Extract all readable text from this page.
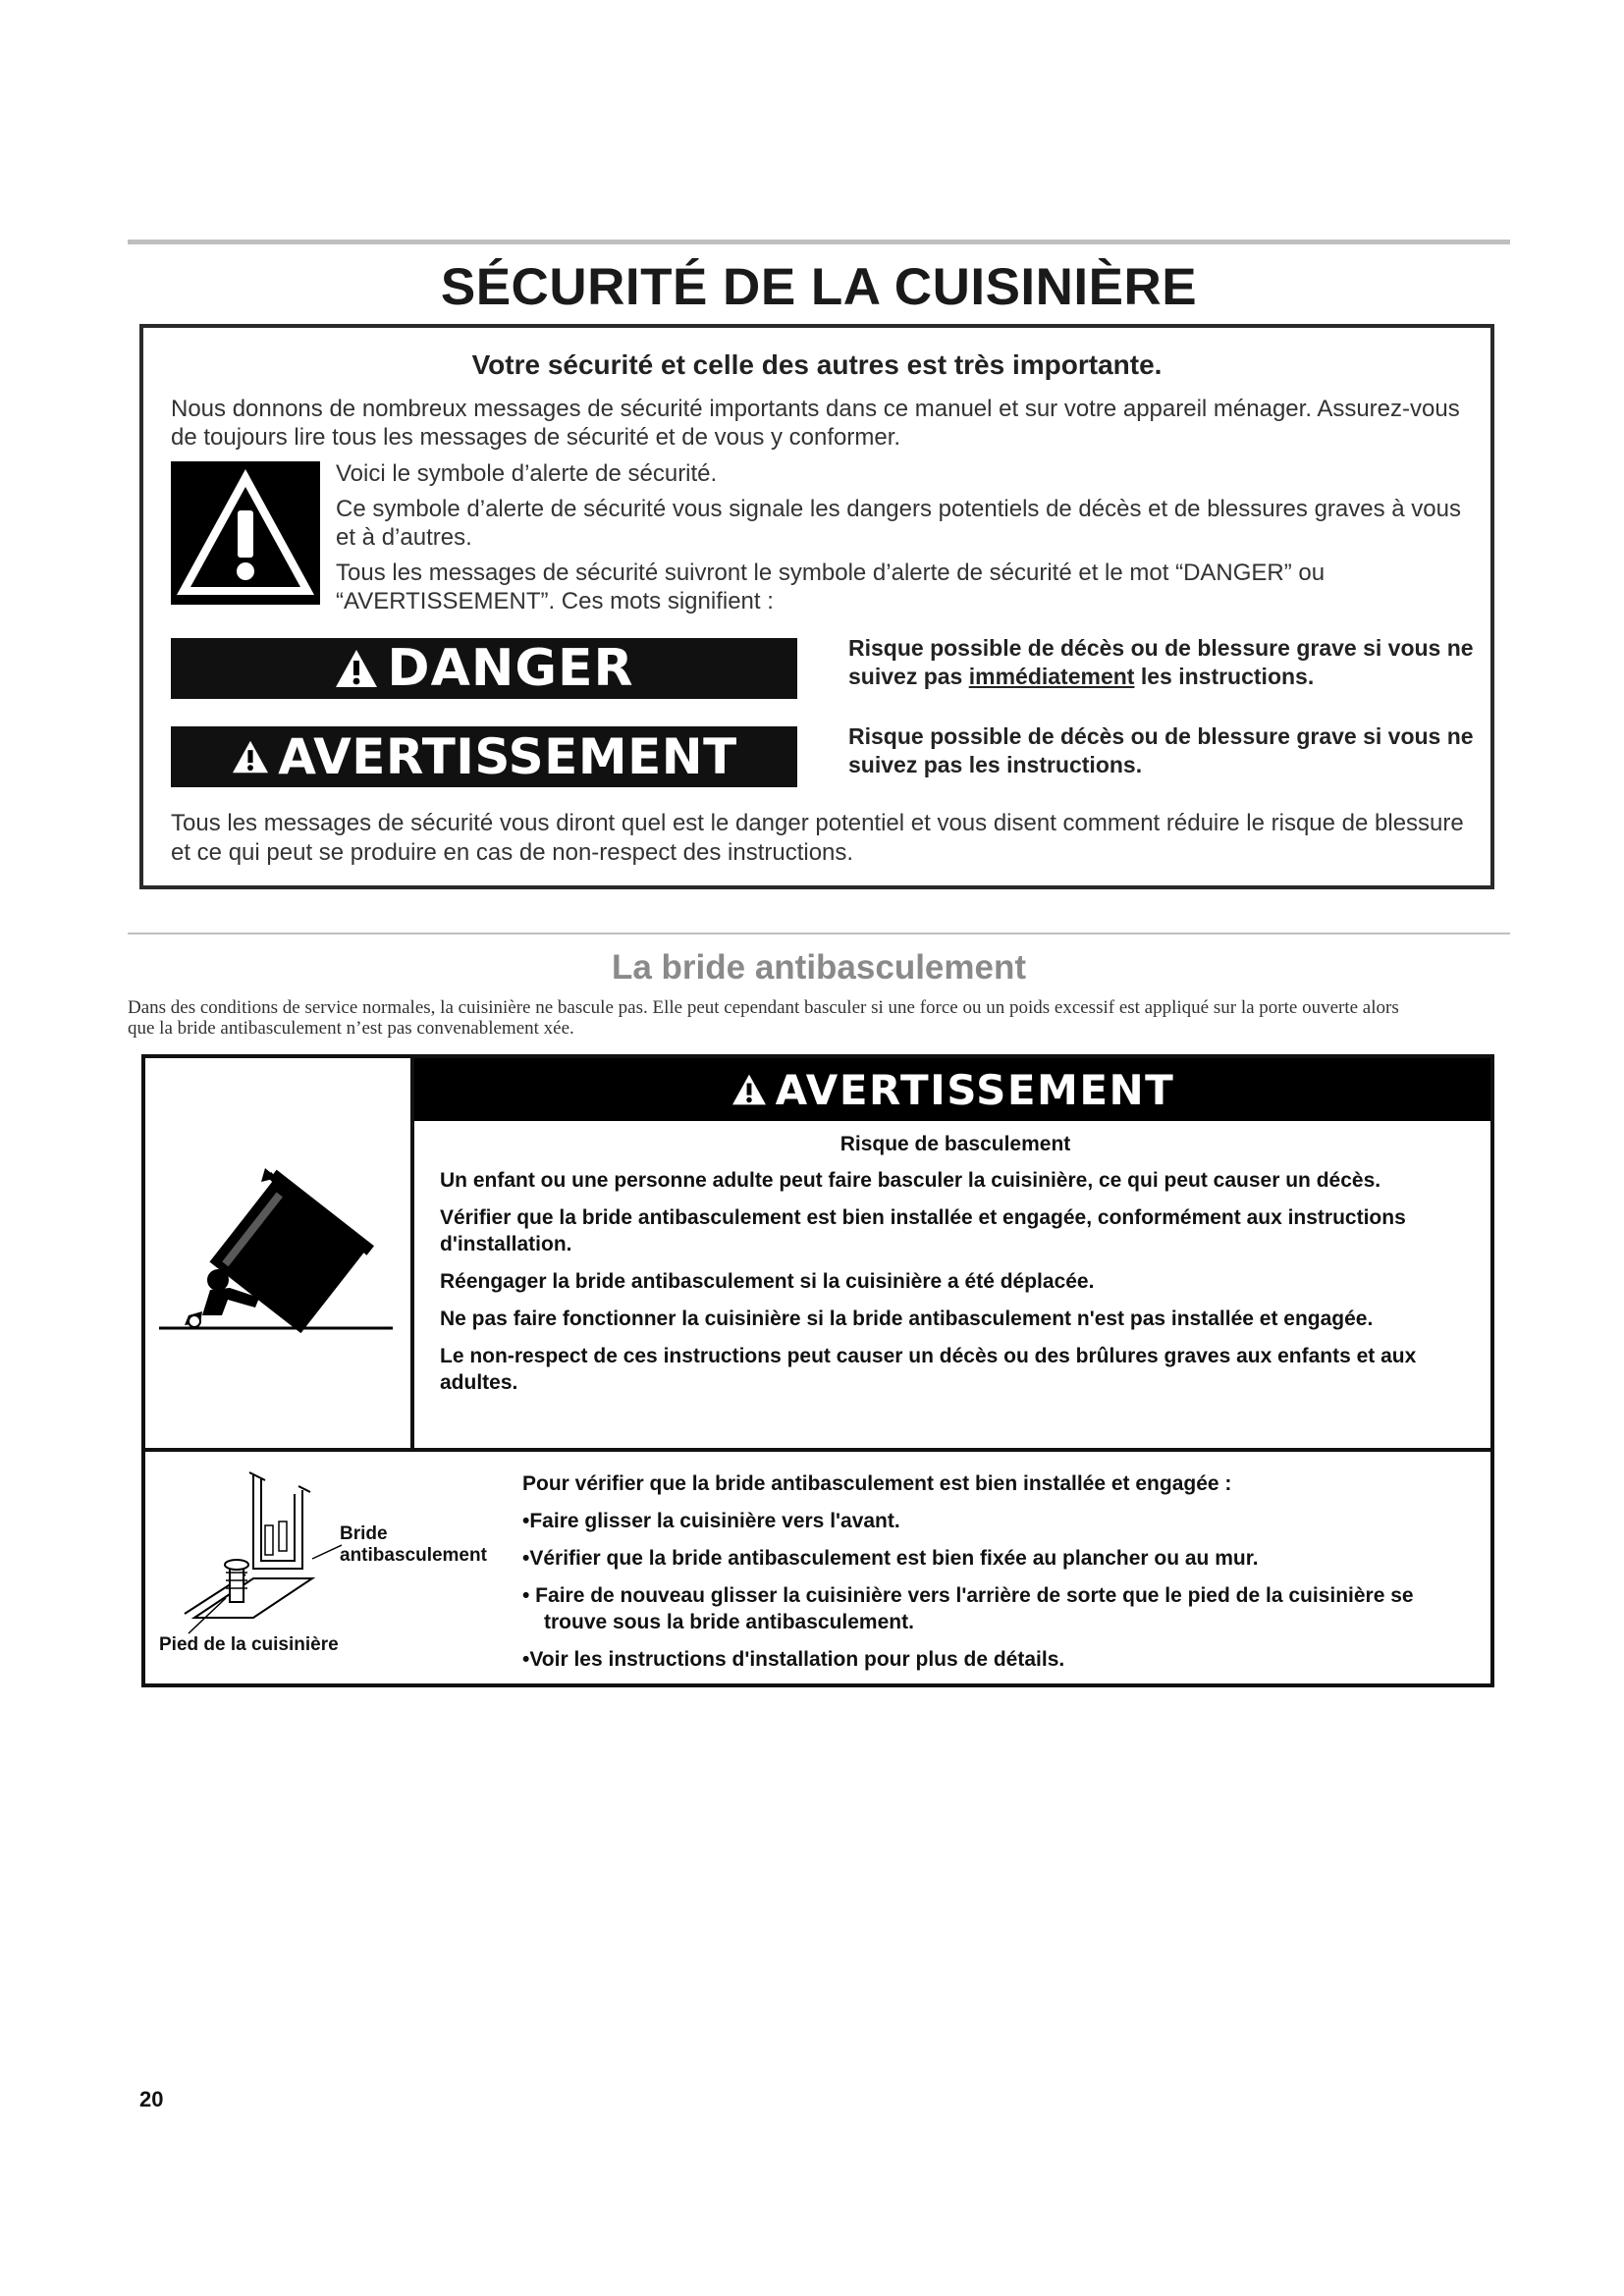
SÉCURITÉ DE LA CUISINIÈRE
Votre sécurité et celle des autres est très importante.
Nous donnons de nombreux messages de sécurité importants dans ce manuel et sur votre appareil ménager. Assurez-vous de toujours lire tous les messages de sécurité et de vous y conformer.

Voici le symbole d’alerte de sécurité.

Ce symbole d’alerte de sécurité vous signale les dangers potentiels de décès et de blessures graves à vous et à d’autres.

Tous les messages de sécurité suivront le symbole d’alerte de sécurité et le mot “DANGER” ou “AVERTISSEMENT”. Ces mots signifient :

DANGER	Risque possible de décès ou de blessure grave si vous ne suivez pas immédiatement les instructions.
AVERTISSEMENT	Risque possible de décès ou de blessure grave si vous ne suivez pas les instructions.
Tous les messages de sécurité vous diront quel est le danger potentiel et vous disent comment réduire le risque de blessure et ce qui peut se produire en cas de non-respect des instructions.
La bride antibasculement
Dans des conditions de service normales, la cuisinière ne bascule pas. Elle peut cependant basculer si une force ou un poids excessif est appliqué sur la porte ouverte alors que la bride antibasculement n’est pas convenablement xée.
AVERTISSEMENT
Risque de basculement

Un enfant ou une personne adulte peut faire basculer la cuisinière, ce qui peut causer un décès.

Vérifier que la bride antibasculement est bien installée et engagée, conformément aux instructions d'installation.

Réengager la bride antibasculement si la cuisinière a été déplacée.

Ne pas faire fonctionner la cuisinière si la bride antibasculement n'est pas installée et engagée.

Le non-respect de ces instructions peut causer un décès ou des brûlures graves aux enfants et aux adultes.

Bride
antibasculement
Pied de la cuisinière

Pour vérifier que la bride antibasculement est bien installée et engagée :

•Faire glisser la cuisinière vers l'avant.

•Vérifier que la bride antibasculement est bien fixée au plancher ou au mur.

• Faire de nouveau glisser la cuisinière vers l'arrière de sorte que le pied de la cuisinière se trouve sous la bride antibasculement.

•Voir les instructions d'installation pour plus de détails.

20
